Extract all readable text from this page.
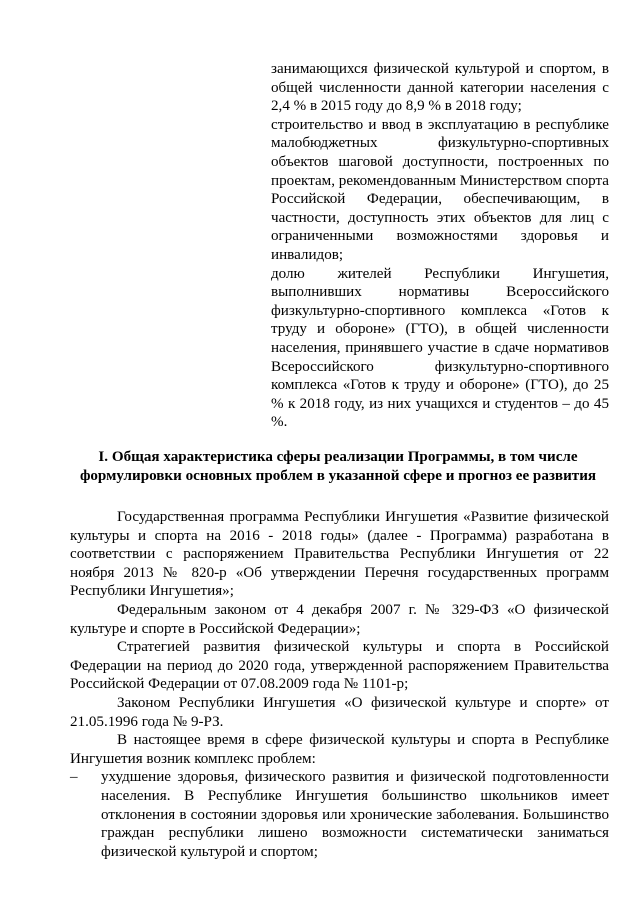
занимающихся физической культурой и спортом, в общей численности данной категории населения с 2,4 % в 2015 году до 8,9 % в 2018 году;

строительство и ввод в эксплуатацию в республике малобюджетных физкультурно-спортивных объектов шаговой доступности, построенных по проектам, рекомендованным Министерством спорта Российской Федерации, обеспечивающим, в частности, доступность этих объектов для лиц с ограниченными возможностями здоровья и инвалидов;

долю жителей Республики Ингушетия, выполнивших нормативы Всероссийского физкультурно-спортивного комплекса «Готов к труду и обороне» (ГТО), в общей численности населения, принявшего участие в сдаче нормативов Всероссийского физкультурно-спортивного комплекса «Готов к труду и обороне» (ГТО), до 25 % к 2018 году, из них учащихся и студентов – до 45 %.

I. Общая характеристика сферы реализации Программы, в том числе
формулировки основных проблем в указанной сфере и прогноз ее развития

Государственная программа Республики Ингушетия «Развитие физической культуры и спорта на 2016 - 2018 годы» (далее - Программа) разработана в соответствии с распоряжением Правительства Республики Ингушетия от 22 ноября 2013 № 820-р «Об утверждении Перечня государственных программ Республики Ингушетия»;

Федеральным законом от 4 декабря 2007 г. № 329-ФЗ «О физической культуре и спорте в Российской Федерации»;

Стратегией развития физической культуры и спорта в Российской Федерации на период до 2020 года, утвержденной распоряжением Правительства Российской Федерации от 07.08.2009 года № 1101-р;

Законом Республики Ингушетия «О физической культуре и спорте» от 21.05.1996 года № 9-РЗ.

В настоящее время в сфере физической культуры и спорта в Республике Ингушетия возник комплекс проблем:

– ухудшение здоровья, физического развития и физической подготовленности населения. В Республике Ингушетия большинство школьников имеет отклонения в состоянии здоровья или хронические заболевания. Большинство граждан республики лишено возможности систематически заниматься физической культурой и спортом;
